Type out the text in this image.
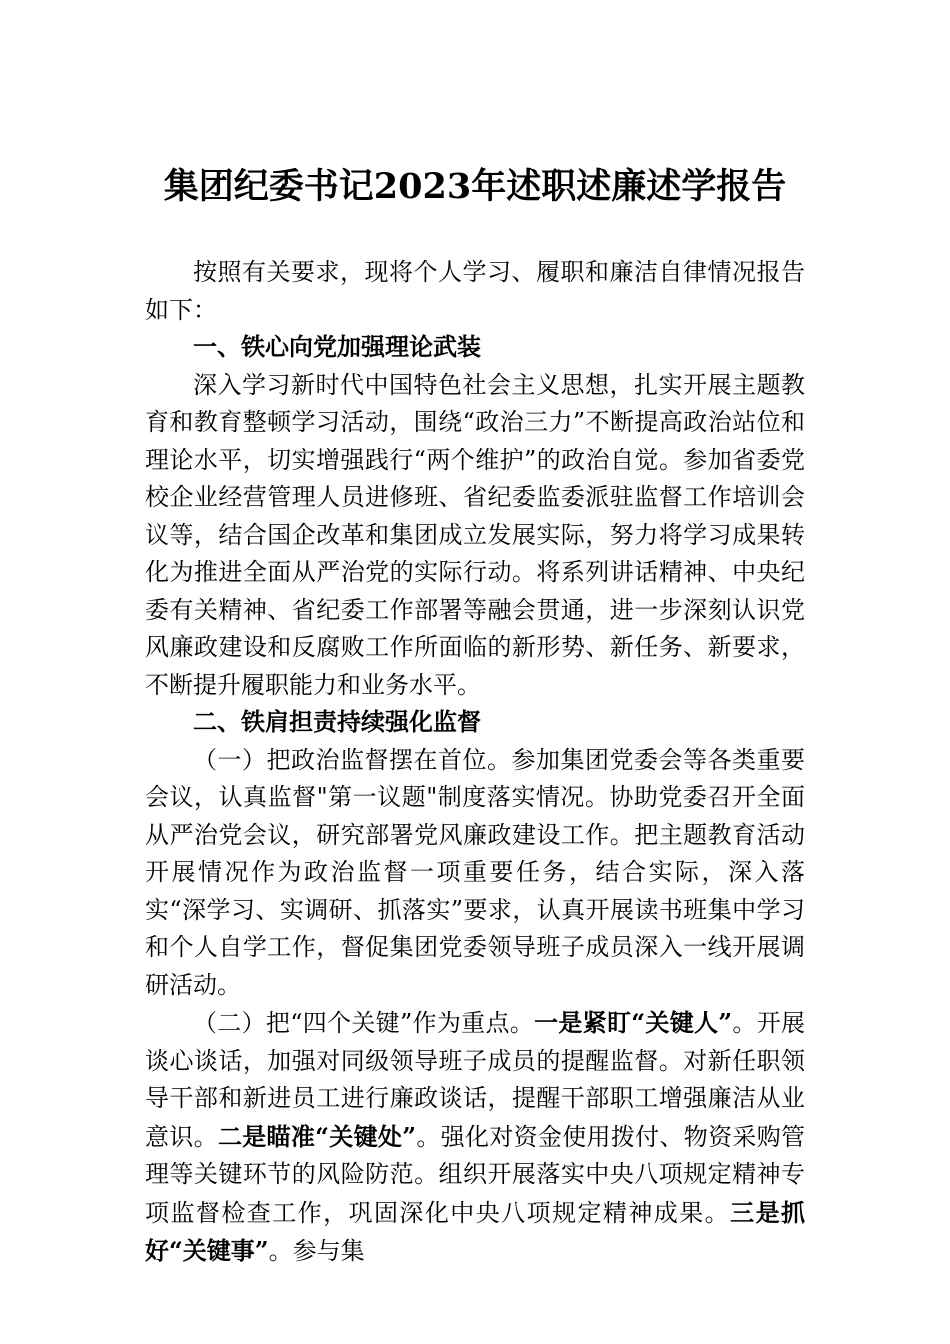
集团纪委书记2023年述职述廉述学报告

按照有关要求，现将个人学习、履职和廉洁自律情况报告如下：

一、铁心向党加强理论武装

深入学习新时代中国特色社会主义思想，扎实开展主题教育和教育整顿学习活动，围绕“政治三力”不断提高政治站位和理论水平，切实增强践行“两个维护”的政治自觉。参加省委党校企业经营管理人员进修班、省纪委监委派驻监督工作培训会议等，结合国企改革和集团成立发展实际，努力将学习成果转化为推进全面从严治党的实际行动。将系列讲话精神、中央纪委有关精神、省纪委工作部署等融会贯通，进一步深刻认识党风廉政建设和反腐败工作所面临的新形势、新任务、新要求，不断提升履职能力和业务水平。

二、铁肩担责持续强化监督

（一）把政治监督摆在首位。参加集团党委会等各类重要会议，认真监督"第一议题"制度落实情况。协助党委召开全面从严治党会议，研究部署党风廉政建设工作。把主题教育活动开展情况作为政治监督一项重要任务，结合实际，深入落实“深学习、实调研、抓落实”要求，认真开展读书班集中学习和个人自学工作，督促集团党委领导班子成员深入一线开展调研活动。

（二）把“四个关键”作为重点。一是紧盯“关键人”。开展谈心谈话，加强对同级领导班子成员的提醒监督。对新任职领导干部和新进员工进行廉政谈话，提醒干部职工增强廉洁从业意识。二是瞄准“关键处”。强化对资金使用拨付、物资采购管理等关键环节的风险防范。组织开展落实中央八项规定精神专项监督检查工作，巩固深化中央八项规定精神成果。三是抓好“关键事”。参与集
